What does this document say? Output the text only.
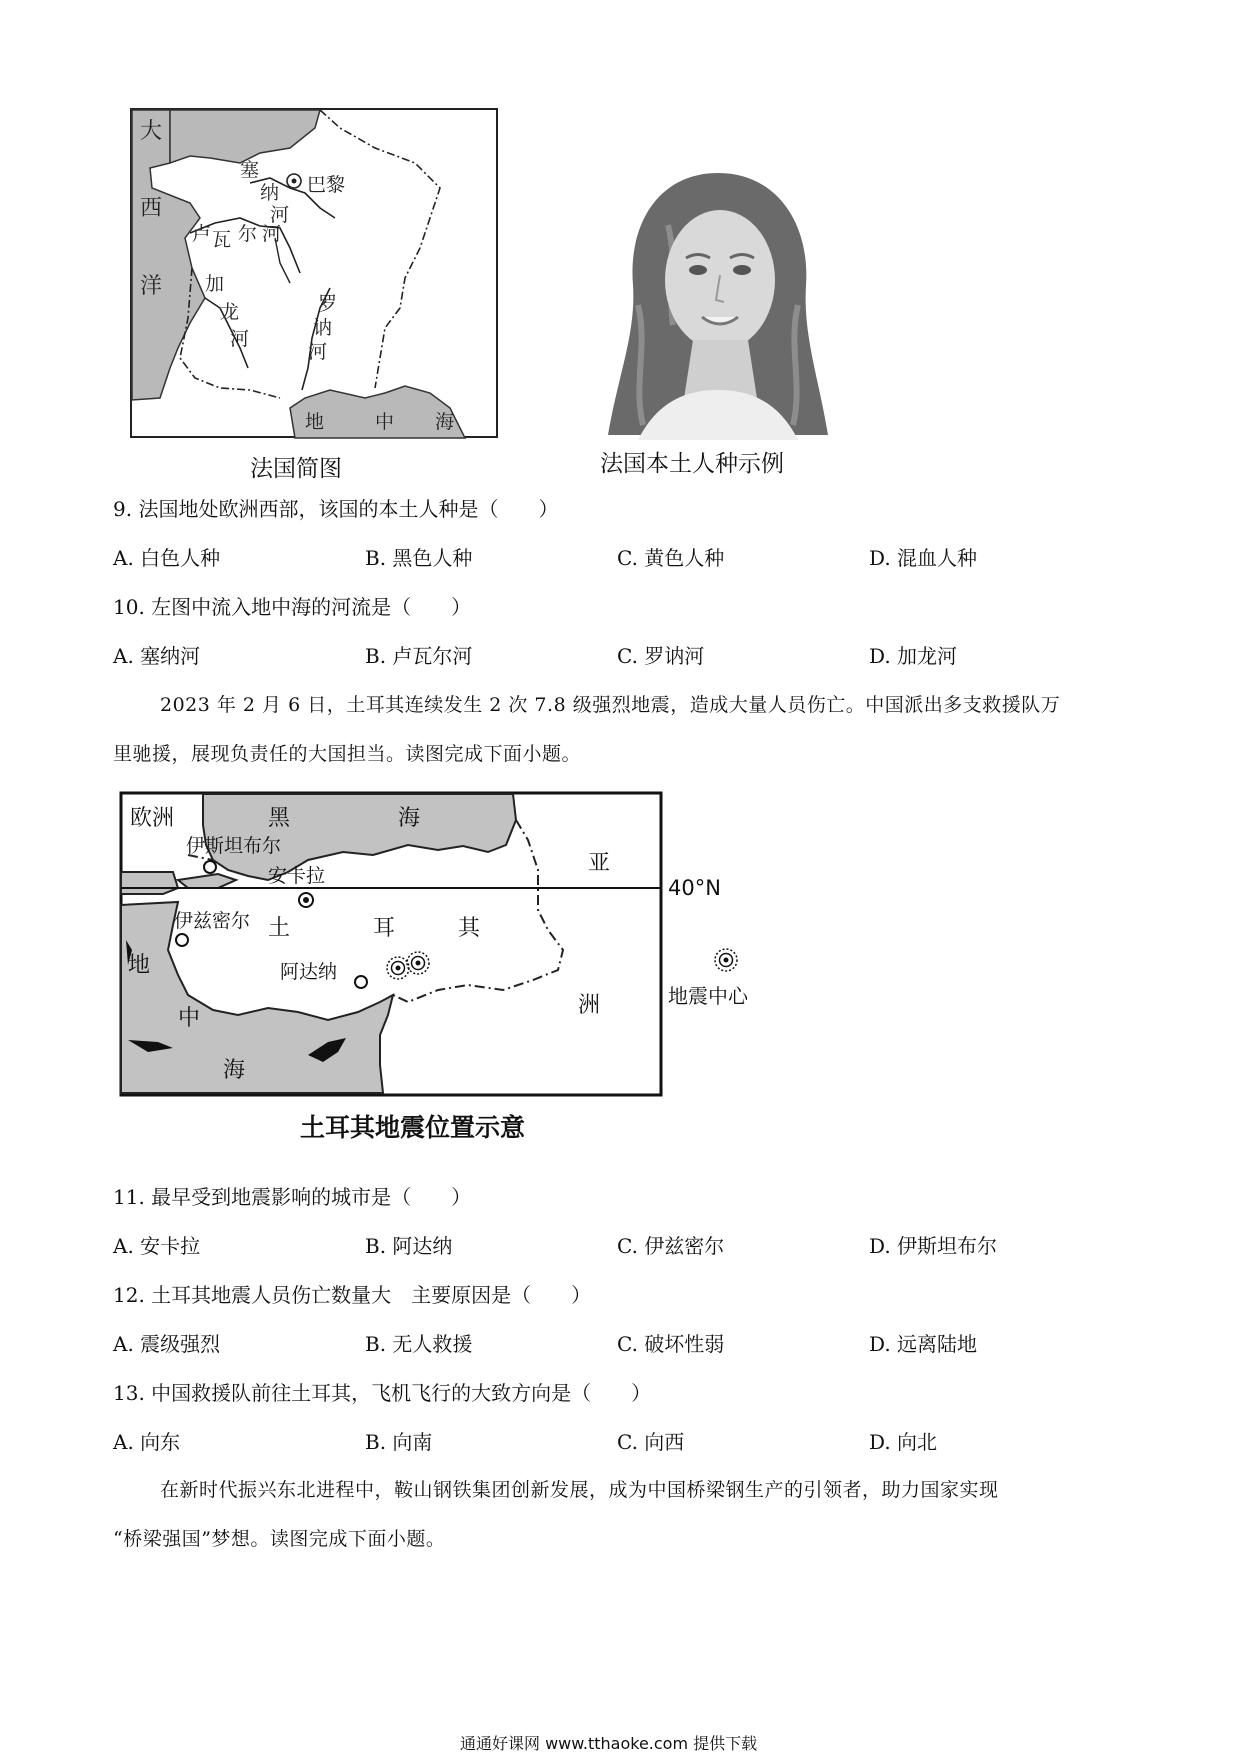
大 西 洋
塞 纳 河 巴黎 卢 瓦 尔 河 加 龙 河 罗 讷 河 地	中 海
法国简图	法国本土人种示例
9. 法国地处欧洲西部，该国的本土人种是（　　）
A. 白色人种	B. 黑色人种	C. 黄色人种	D. 混血人种
10. 左图中流入地中海的河流是（　　）
A. 塞纳河	B. 卢瓦尔河	C. 罗讷河	D. 加龙河
2023 年 2 月 6 日，土耳其连续发生 2 次 7.8 级强烈地震，造成大量人员伤亡。中国派出多支救援队万
里驰援，展现负责任的大国担当。读图完成下面小题。
欧洲	黑	海 亚 土	耳	其 地 中 海 洲
伊斯坦布尔 安卡拉 伊兹密尔 阿达纳
40°N
地震中心
土耳其地震位置示意
11. 最早受到地震影响的城市是（　　）
A. 安卡拉	B. 阿达纳	C. 伊兹密尔	D. 伊斯坦布尔
12. 土耳其地震人员伤亡数量大　主要原因是（　　）
A. 震级强烈	B. 无人救援	C. 破坏性弱	D. 远离陆地
13. 中国救援队前往土耳其，飞机飞行的大致方向是（　　）
A. 向东	B. 向南	C. 向西	D. 向北
在新时代振兴东北进程中，鞍山钢铁集团创新发展，成为中国桥梁钢生产的引领者，助力国家实现
“桥梁强国”梦想。读图完成下面小题。
通通好课网 www.tthaoke.com 提供下载
